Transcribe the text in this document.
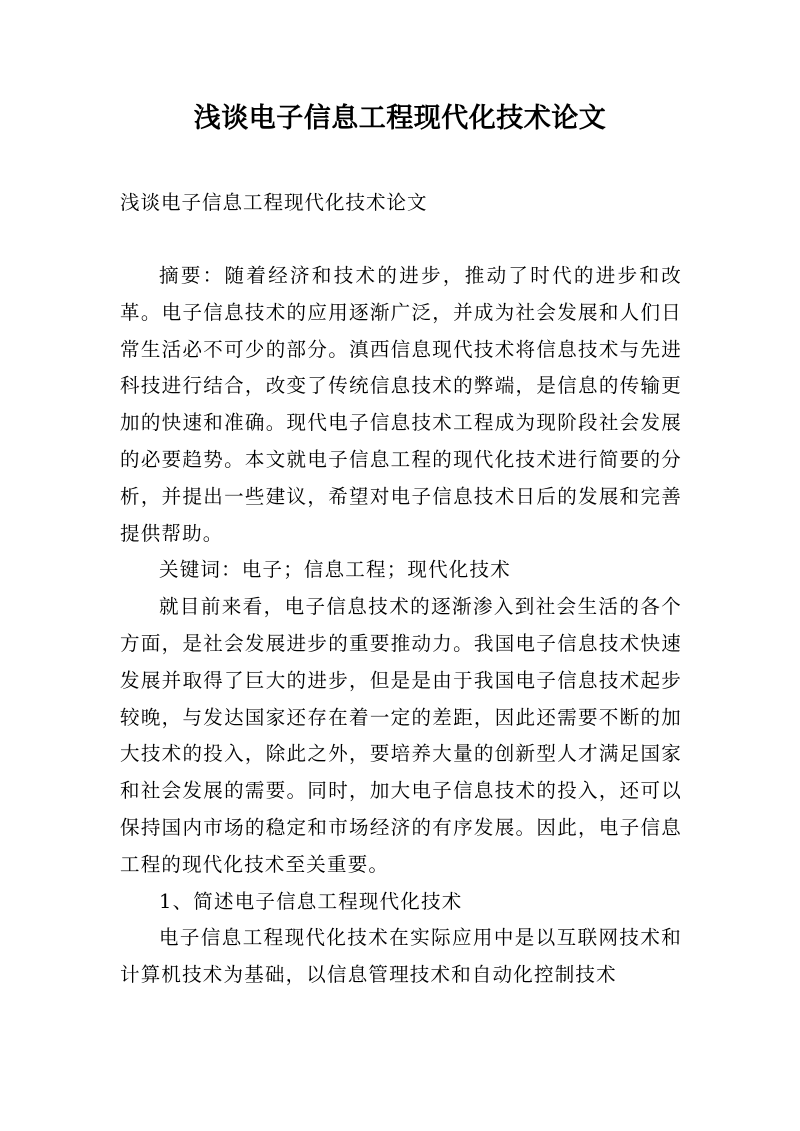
浅谈电子信息工程现代化技术论文

浅谈电子信息工程现代化技术论文

摘要：随着经济和技术的进步，推动了时代的进步和改革。电子信息技术的应用逐渐广泛，并成为社会发展和人们日常生活必不可少的部分。滇西信息现代技术将信息技术与先进科技进行结合，改变了传统信息技术的弊端，是信息的传输更加的快速和准确。现代电子信息技术工程成为现阶段社会发展的必要趋势。本文就电子信息工程的现代化技术进行简要的分析，并提出一些建议，希望对电子信息技术日后的发展和完善提供帮助。

关键词：电子；信息工程；现代化技术

就目前来看，电子信息技术的逐渐渗入到社会生活的各个方面，是社会发展进步的重要推动力。我国电子信息技术快速发展并取得了巨大的进步，但是是由于我国电子信息技术起步较晚，与发达国家还存在着一定的差距，因此还需要不断的加大技术的投入，除此之外，要培养大量的创新型人才满足国家和社会发展的需要。同时，加大电子信息技术的投入，还可以保持国内市场的稳定和市场经济的有序发展。因此，电子信息工程的现代化技术至关重要。

1、简述电子信息工程现代化技术

电子信息工程现代化技术在实际应用中是以互联网技术和计算机技术为基础，以信息管理技术和自动化控制技术
